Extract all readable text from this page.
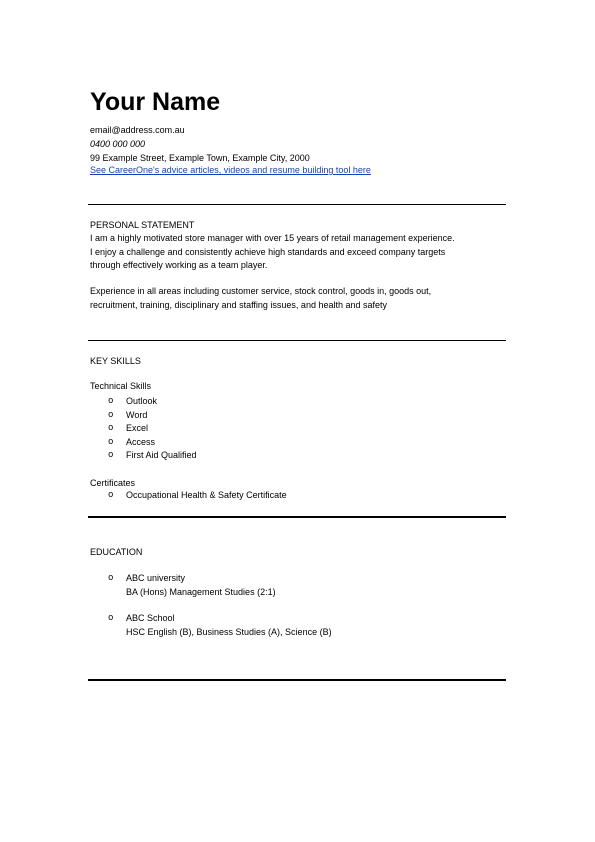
Your Name
email@address.com.au
0400 000 000
99 Example Street, Example Town, Example City, 2000
See CareerOne's advice articles, videos and resume building tool here
PERSONAL STATEMENT
I am a highly motivated store manager with over 15 years of retail management experience.
I enjoy a challenge and consistently achieve high standards and exceed company targets
through effectively working as a team player.
Experience in all areas including customer service, stock control, goods in, goods out,
recruitment, training, disciplinary and staffing issues, and health and safety
KEY SKILLS
Technical Skills
o Outlook
o Word
o Excel
o Access
o First Aid Qualified
Certificates
o Occupational Health & Safety Certificate
EDUCATION
o ABC university
BA (Hons) Management Studies (2:1)
o ABC School
HSC English (B), Business Studies (A), Science (B)
